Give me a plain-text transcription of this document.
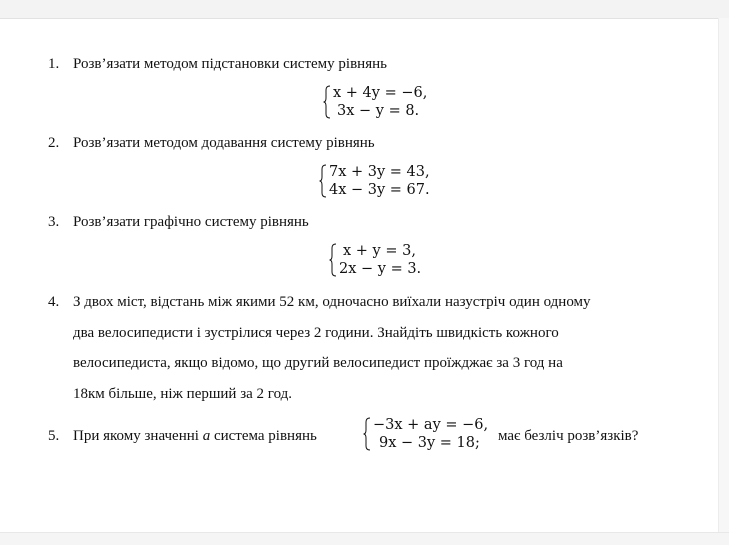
1. Розв’язати методом підстановки систему рівнянь
x + 4y = −6,
3x − y = 8.
2. Розв’язати методом додавання систему рівнянь
7x + 3y = 43,
4x − 3y = 67.
3. Розв’язати графічно систему рівнянь
x + y = 3,
2x − y = 3.
4. З двох міст, відстань між якими 52 км, одночасно виїхали назустріч один одному
два велосипедисти і зустрілися через 2 години. Знайдіть швидкість кожного
велосипедиста, якщо відомо, що другий велосипедист проїжджає за 3 год на
18км більше, ніж перший за 2 год.
5. При якому значенні a система рівнянь
−3x + ay = −6,
9x − 3y = 18; має безліч розв’язків?
